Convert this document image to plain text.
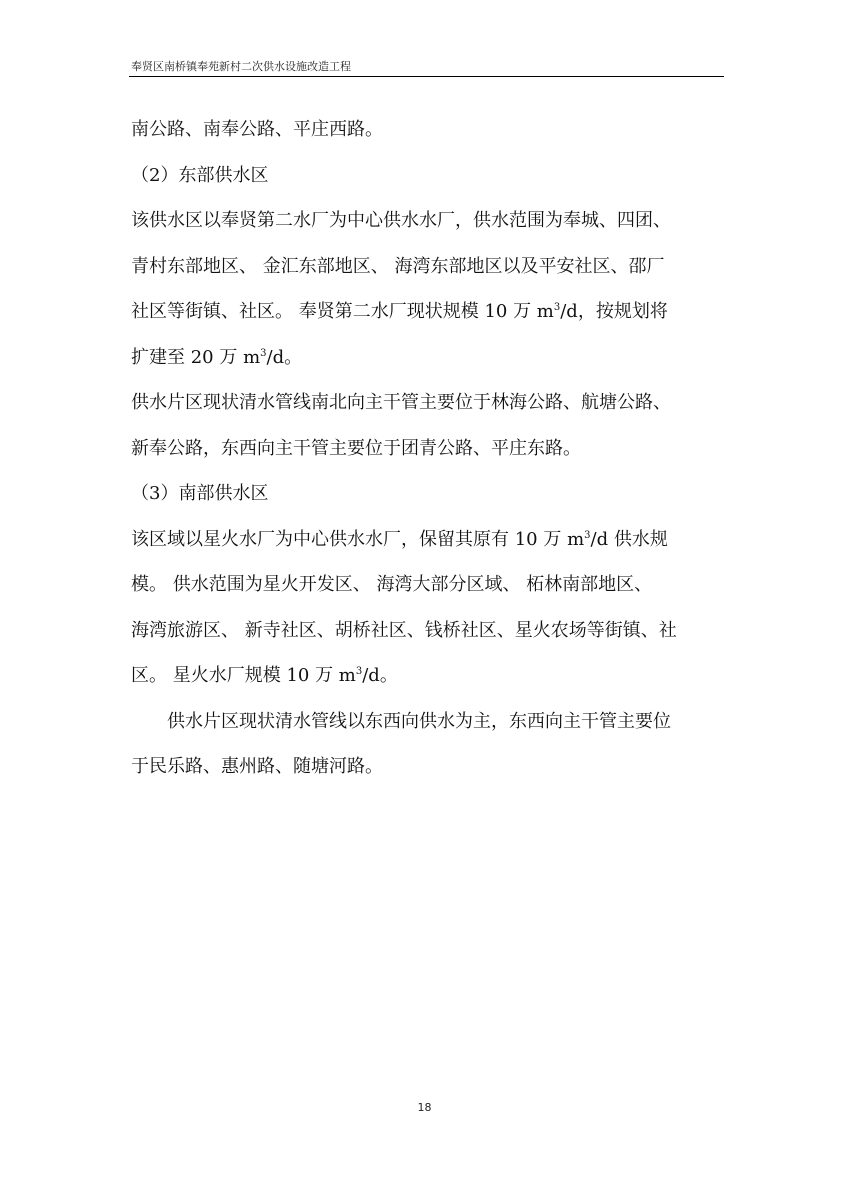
奉贤区南桥镇奉苑新村二次供水设施改造工程
南公路、南奉公路、平庄西路。
（2）东部供水区
该供水区以奉贤第二水厂为中心供水水厂，供水范围为奉城、四团、
青村东部地区、 金汇东部地区、 海湾东部地区以及平安社区、邵厂
社区等街镇、社区。 奉贤第二水厂现状规模 10 万 $m^3/d$，按规划将
扩建至 20 万 $m^3/d$。
供水片区现状清水管线南北向主干管主要位于林海公路、航塘公路、
新奉公路，东西向主干管主要位于团青公路、平庄东路。
（3）南部供水区
该区域以星火水厂为中心供水水厂，保留其原有 10 万 $m^3/d$ 供水规
模。 供水范围为星火开发区、 海湾大部分区域、 柘林南部地区、
海湾旅游区、 新寺社区、胡桥社区、钱桥社区、星火农场等街镇、社
区。 星火水厂规模 10 万 $m^3/d$。
　　供水片区现状清水管线以东西向供水为主，东西向主干管主要位
于民乐路、惠州路、随塘河路。
18
